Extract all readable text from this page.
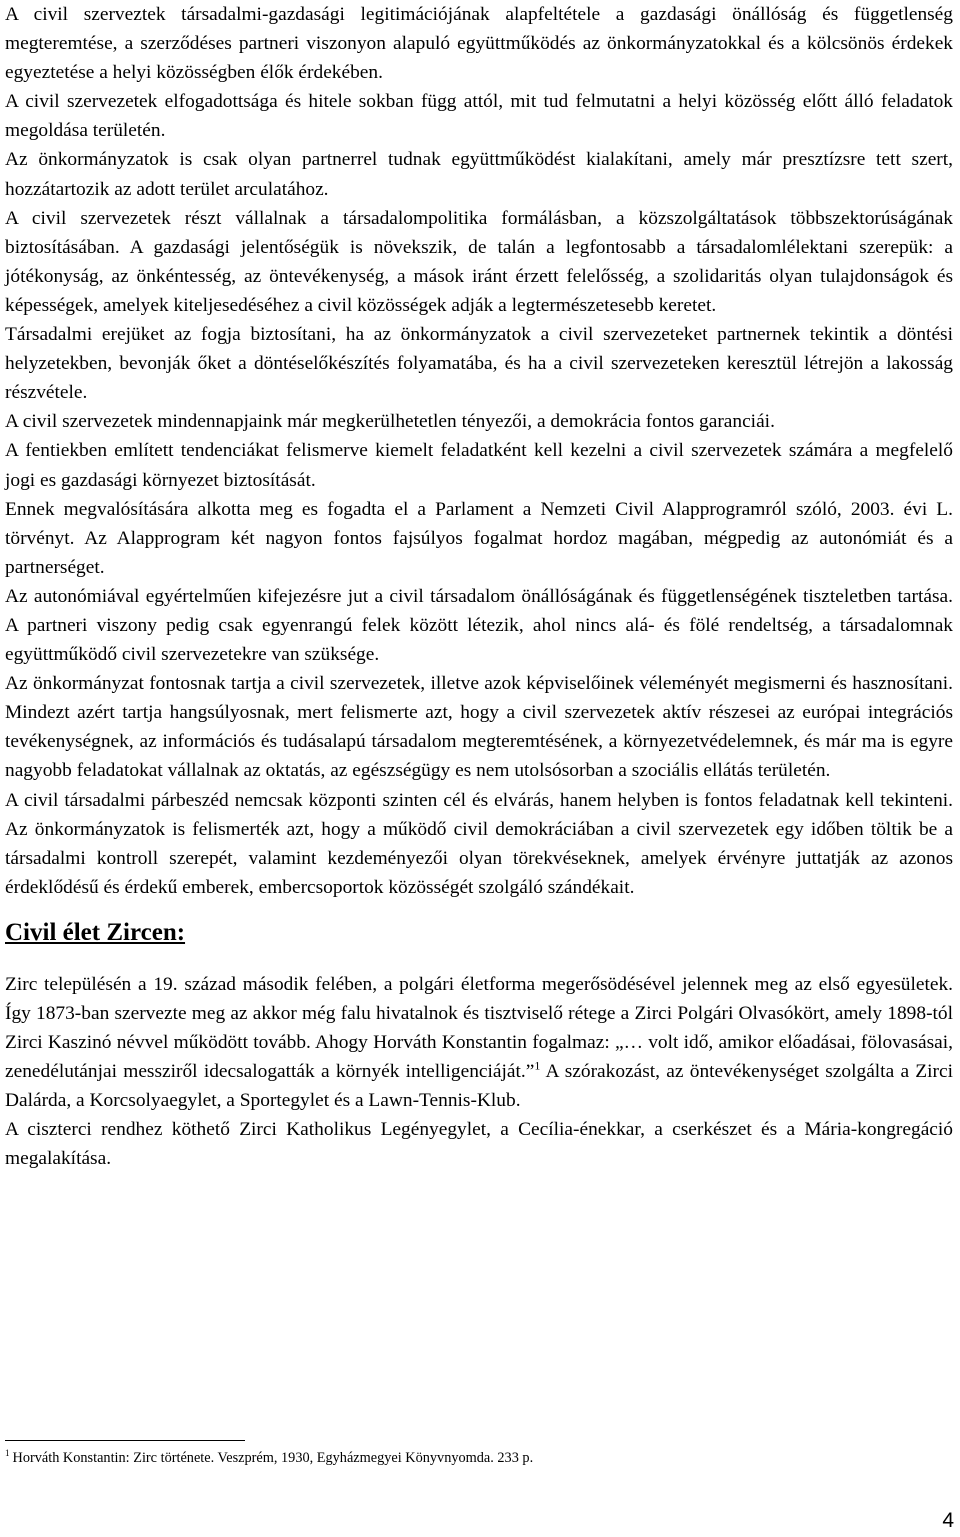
A civil szerveztek társadalmi-gazdasági legitimációjának alapfeltétele a gazdasági önállóság és függetlenség megteremtése, a szerződéses partneri viszonyon alapuló együttműködés az önkormányzatokkal és a kölcsönös érdekek egyeztetése a helyi közösségben élők érdekében.

A civil szervezetek elfogadottsága és hitele sokban függ attól, mit tud felmutatni a helyi közösség előtt álló feladatok megoldása területén.

Az önkormányzatok is csak olyan partnerrel tudnak együttműködést kialakítani, amely már presztízsre tett szert, hozzátartozik az adott terület arculatához.

A civil szervezetek részt vállalnak a társadalompolitika formálásban, a közszolgáltatások többszektorúságának biztosításában. A gazdasági jelentőségük is növekszik, de talán a legfontosabb a társadalomlélektani szerepük: a jótékonyság, az önkéntesség, az öntevékenység, a mások iránt érzett felelősség, a szolidaritás olyan tulajdonságok és képességek, amelyek kiteljesedéséhez a civil közösségek adják a legtermészetesebb keretet.

Társadalmi erejüket az fogja biztosítani, ha az önkormányzatok a civil szervezeteket partnernek tekintik a döntési helyzetekben, bevonják őket a döntéselőkészítés folyamatába, és ha a civil szervezeteken keresztül létrejön a lakosság részvétele.

A civil szervezetek mindennapjaink már megkerülhetetlen tényezői, a demokrácia fontos garanciái.

A fentiekben említett tendenciákat felismerve kiemelt feladatként kell kezelni a civil szervezetek számára a megfelelő jogi es gazdasági környezet biztosítását.

Ennek megvalósítására alkotta meg es fogadta el a Parlament a Nemzeti Civil Alapprogramról szóló, 2003. évi L. törvényt. Az Alapprogram két nagyon fontos fajsúlyos fogalmat hordoz magában, mégpedig az autonómiát és a partnerséget.

Az autonómiával egyértelműen kifejezésre jut a civil társadalom önállóságának és függetlenségének tiszteletben tartása. A partneri viszony pedig csak egyenrangú felek között létezik, ahol nincs alá- és fölé rendeltség, a társadalomnak együttműködő civil szervezetekre van szüksége.

Az önkormányzat fontosnak tartja a civil szervezetek, illetve azok képviselőinek véleményét megismerni és hasznosítani. Mindezt azért tartja hangsúlyosnak, mert felismerte azt, hogy a civil szervezetek aktív részesei az európai integrációs tevékenységnek, az információs és tudásalapú társadalom megteremtésének, a környezetvédelemnek, és már ma is egyre nagyobb feladatokat vállalnak az oktatás, az egészségügy es nem utolsósorban a szociális ellátás területén.

A civil társadalmi párbeszéd nemcsak központi szinten cél és elvárás, hanem helyben is fontos feladatnak kell tekinteni. Az önkormányzatok is felismerték azt, hogy a működő civil demokráciában a civil szervezetek egy időben töltik be a társadalmi kontroll szerepét, valamint kezdeményezői olyan törekvéseknek, amelyek érvényre juttatják az azonos érdeklődésű és érdekű emberek, embercsoportok közösségét szolgáló szándékait.

Civil élet Zircen:

Zirc településén a 19. század második felében, a polgári életforma megerősödésével jelennek meg az első egyesületek. Így 1873-ban szervezte meg az akkor még falu hivatalnok és tisztviselő rétege a Zirci Polgári Olvasókört, amely 1898-tól Zirci Kaszinó névvel működött tovább. Ahogy Horváth Konstantin fogalmaz: „… volt idő, amikor előadásai, fölovasásai, zenedélutánjai messziről idecsalogatták a környék intelligenciáját.”$^1$ A szórakozást, az öntevékenységet szolgálta a Zirci Dalárda, a Korcsolyaegylet, a Sportegylet és a Lawn-Tennis-Klub.

A ciszterci rendhez köthető Zirci Katholikus Legényegylet, a Cecília-énekkar, a cserkészet és a Mária-kongregáció megalakítása.

$^1$ Horváth Konstantin: Zirc története. Veszprém, 1930, Egyházmegyei Könyvnyomda. 233 p.
4
